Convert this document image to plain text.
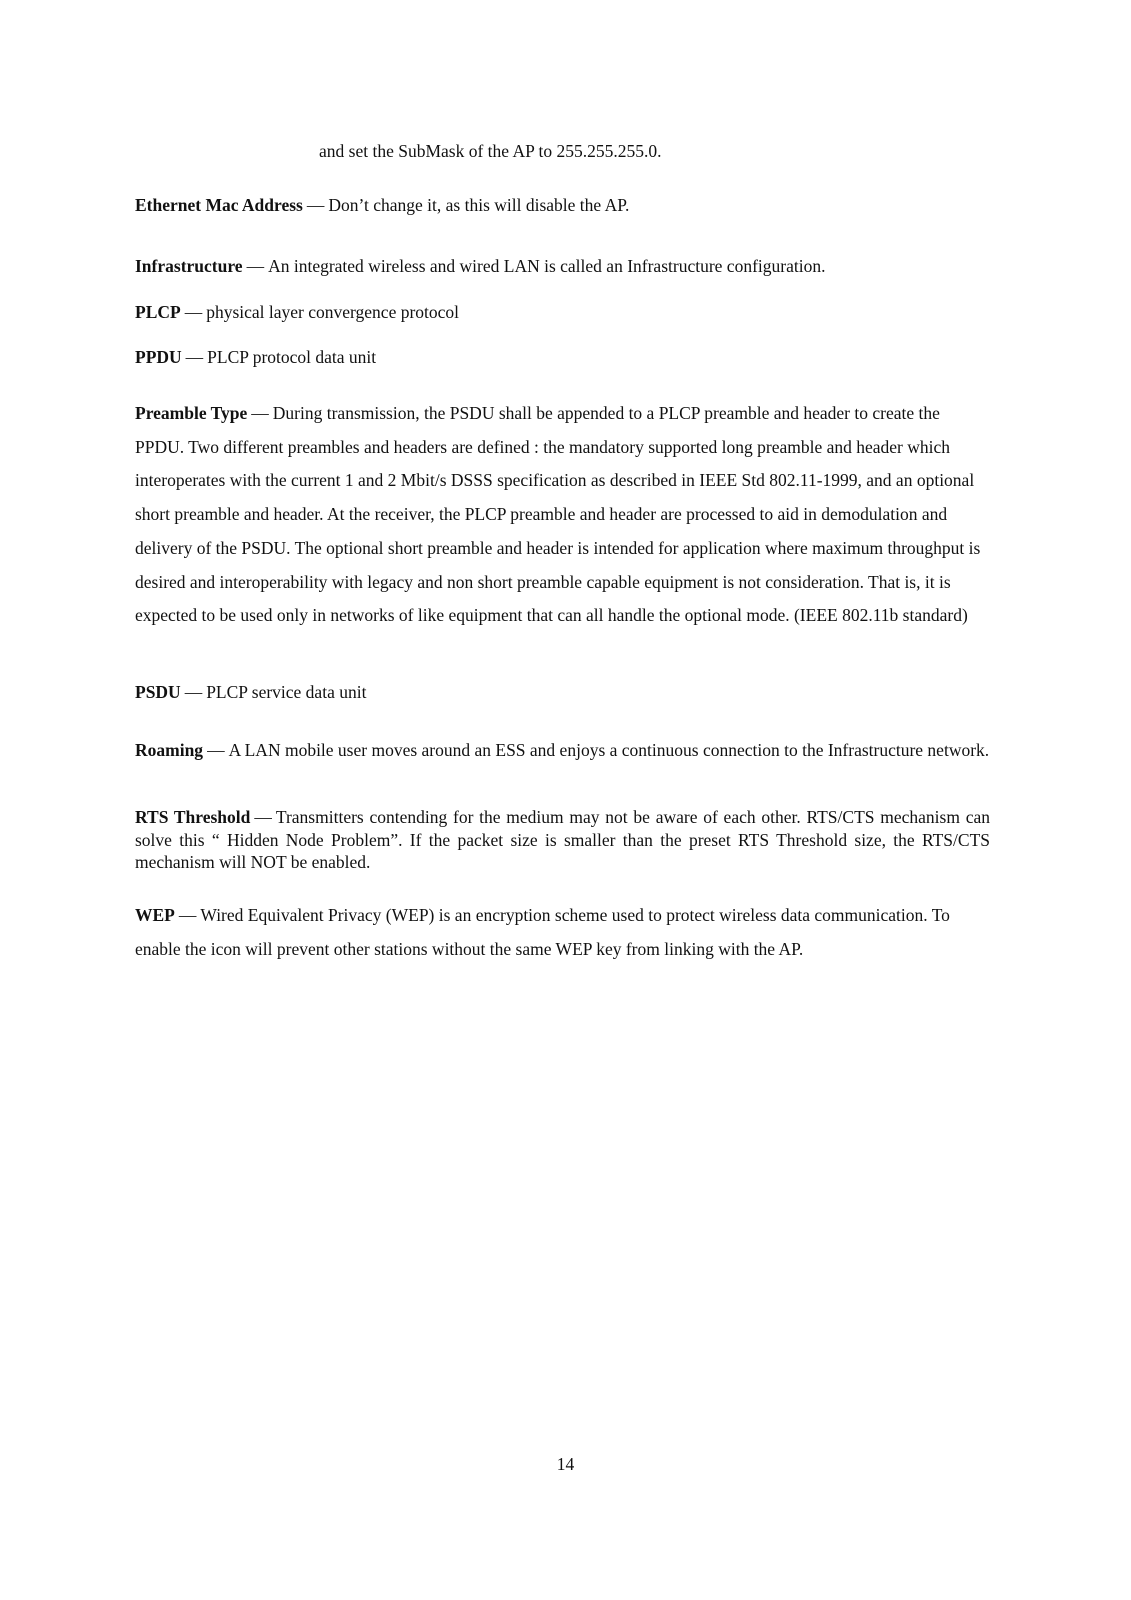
and set the SubMask of the AP to 255.255.255.0.

Ethernet Mac Address — Don’t change it, as this will disable the AP.

Infrastructure — An integrated wireless and wired LAN is called an Infrastructure configuration.

PLCP — physical layer convergence protocol

PPDU — PLCP protocol data unit

Preamble Type — During transmission, the PSDU shall be appended to a PLCP preamble and header to create the PPDU. Two different preambles and headers are defined : the mandatory supported long preamble and header which interoperates with the current 1 and 2 Mbit/s DSSS specification as described in IEEE Std 802.11-1999, and an optional short preamble and header. At the receiver, the PLCP preamble and header are processed to aid in demodulation and delivery of the PSDU. The optional short preamble and header is intended for application where maximum throughput is desired and interoperability with legacy and non short preamble capable equipment is not consideration. That is, it is expected to be used only in networks of like equipment that can all handle the optional mode. (IEEE 802.11b standard)

PSDU — PLCP service data unit

Roaming — A LAN mobile user moves around an ESS and enjoys a continuous connection to the Infrastructure network.

RTS Threshold — Transmitters contending for the medium may not be aware of each other. RTS/CTS mechanism can solve this “ Hidden Node Problem”. If the packet size is smaller than the preset RTS Threshold size, the RTS/CTS mechanism will NOT be enabled.

WEP — Wired Equivalent Privacy (WEP) is an encryption scheme used to protect wireless data communication. To enable the icon will prevent other stations without the same WEP key from linking with the AP.

14
